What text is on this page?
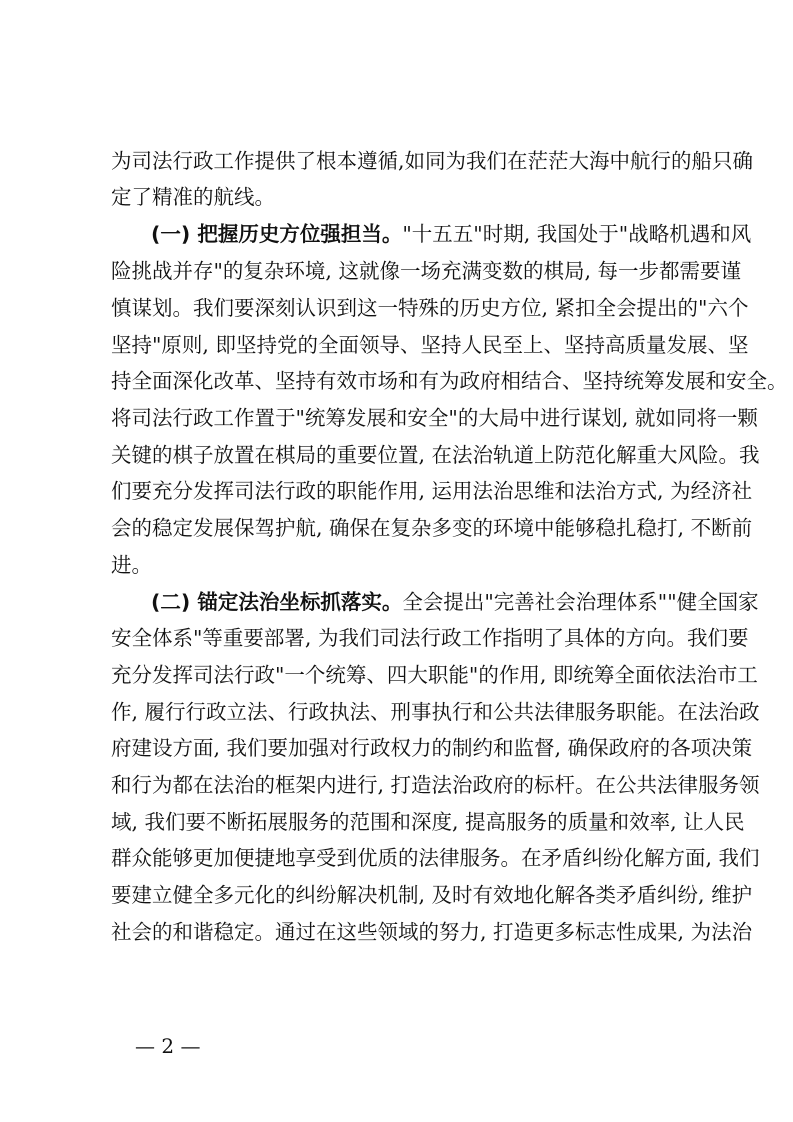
为司法行政工作提供了根本遵循,如同为我们在茫茫大海中航行的船只确
定了精准的航线。
(一) 把握历史方位强担当。"十五五"时期, 我国处于"战略机遇和风
险挑战并存"的复杂环境, 这就像一场充满变数的棋局, 每一步都需要谨
慎谋划。我们要深刻认识到这一特殊的历史方位, 紧扣全会提出的"六个
坚持"原则, 即坚持党的全面领导、坚持人民至上、坚持高质量发展、坚
持全面深化改革、坚持有效市场和有为政府相结合、坚持统筹发展和安全。
将司法行政工作置于"统筹发展和安全"的大局中进行谋划, 就如同将一颗
关键的棋子放置在棋局的重要位置, 在法治轨道上防范化解重大风险。我
们要充分发挥司法行政的职能作用, 运用法治思维和法治方式, 为经济社
会的稳定发展保驾护航, 确保在复杂多变的环境中能够稳扎稳打, 不断前
进。
(二) 锚定法治坐标抓落实。全会提出"完善社会治理体系""健全国家
安全体系"等重要部署, 为我们司法行政工作指明了具体的方向。我们要
充分发挥司法行政"一个统筹、四大职能"的作用, 即统筹全面依法治市工
作, 履行行政立法、行政执法、刑事执行和公共法律服务职能。在法治政
府建设方面, 我们要加强对行政权力的制约和监督, 确保政府的各项决策
和行为都在法治的框架内进行, 打造法治政府的标杆。在公共法律服务领
域, 我们要不断拓展服务的范围和深度, 提高服务的质量和效率, 让人民
群众能够更加便捷地享受到优质的法律服务。在矛盾纠纷化解方面, 我们
要建立健全多元化的纠纷解决机制, 及时有效地化解各类矛盾纠纷, 维护
社会的和谐稳定。通过在这些领域的努力, 打造更多标志性成果, 为法治
— 2 —
